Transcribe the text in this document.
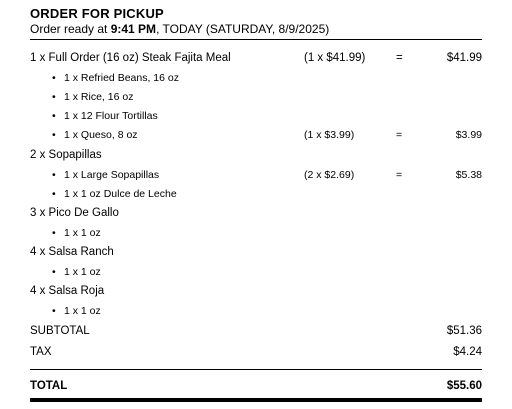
ORDER FOR PICKUP
Order ready at 9:41 PM, TODAY (SATURDAY, 8/9/2025)
1 x Full Order (16 oz) Steak Fajita Meal	(1 x $41.99)	=	$41.99
• 1 x Refried Beans, 16 oz
• 1 x Rice, 16 oz
• 1 x 12 Flour Tortillas
• 1 x Queso, 8 oz	(1 x $3.99)	=	$3.99
2 x Sopapillas
• 1 x Large Sopapillas	(2 x $2.69)	=	$5.38
• 1 x 1 oz Dulce de Leche
3 x Pico De Gallo
• 1 x 1 oz
4 x Salsa Ranch
• 1 x 1 oz
4 x Salsa Roja
• 1 x 1 oz
SUBTOTAL	$51.36
TAX	$4.24
TOTAL	$55.60
